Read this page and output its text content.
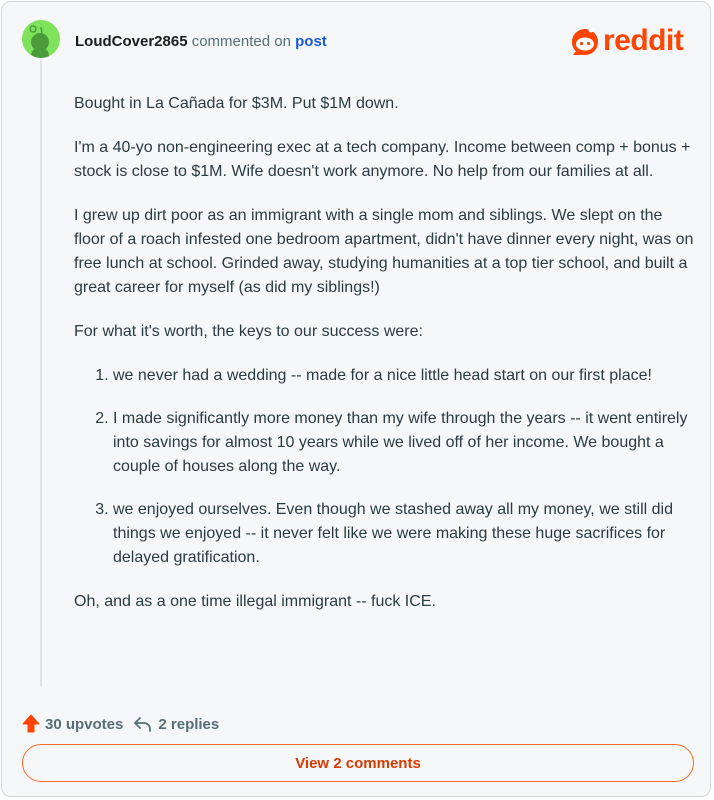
LoudCover2865 commented on post	reddit

Bought in La Cañada for $3M. Put $1M down.

I'm a 40-yo non-engineering exec at a tech company. Income between comp + bonus + stock is close to $1M. Wife doesn't work anymore. No help from our families at all.

I grew up dirt poor as an immigrant with a single mom and siblings. We slept on the floor of a roach infested one bedroom apartment, didn't have dinner every night, was on free lunch at school. Grinded away, studying humanities at a top tier school, and built a great career for myself (as did my siblings!)

For what it's worth, the keys to our success were:

1. we never had a wedding -- made for a nice little head start on our first place!
2. I made significantly more money than my wife through the years -- it went entirely into savings for almost 10 years while we lived off of her income. We bought a couple of houses along the way.
3. we enjoyed ourselves. Even though we stashed away all my money, we still did things we enjoyed -- it never felt like we were making these huge sacrifices for delayed gratification.

Oh, and as a one time illegal immigrant -- fuck ICE.

30 upvotes 2 replies
View 2 comments
